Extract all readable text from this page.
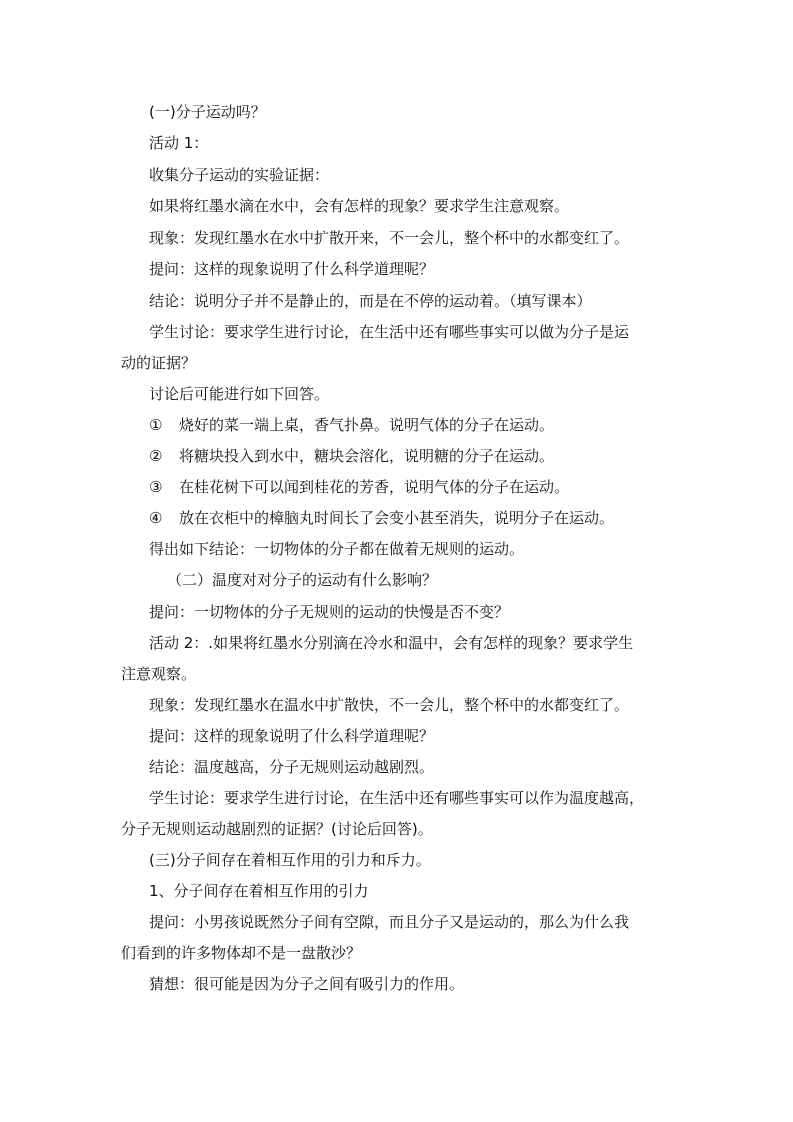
(一)分子运动吗？
活动 1：
收集分子运动的实验证据：
如果将红墨水滴在水中，会有怎样的现象？要求学生注意观察。
现象：发现红墨水在水中扩散开来，不一会儿，整个杯中的水都变红了。
提问：这样的现象说明了什么科学道理呢？
结论：说明分子并不是静止的，而是在不停的运动着。（填写课本）
学生讨论：要求学生进行讨论，在生活中还有哪些事实可以做为分子是运
动的证据？
讨论后可能进行如下回答。
① 烧好的菜一端上桌，香气扑鼻。说明气体的分子在运动。
② 将糖块投入到水中，糖块会溶化，说明糖的分子在运动。
③ 在桂花树下可以闻到桂花的芳香，说明气体的分子在运动。
④ 放在衣柜中的樟脑丸时间长了会变小甚至消失，说明分子在运动。
得出如下结论：一切物体的分子都在做着无规则的运动。
（二）温度对对分子的运动有什么影响？
提问：一切物体的分子无规则的运动的快慢是否不变？
活动 2：.如果将红墨水分别滴在冷水和温中，会有怎样的现象？要求学生
注意观察。
现象：发现红墨水在温水中扩散快，不一会儿，整个杯中的水都变红了。
提问：这样的现象说明了什么科学道理呢？
结论：温度越高，分子无规则运动越剧烈。
学生讨论：要求学生进行讨论，在生活中还有哪些事实可以作为温度越高，
分子无规则运动越剧烈的证据？(讨论后回答)。
(三)分子间存在着相互作用的引力和斥力。
1、分子间存在着相互作用的引力
提问：小男孩说既然分子间有空隙，而且分子又是运动的，那么为什么我
们看到的许多物体却不是一盘散沙？
猜想：很可能是因为分子之间有吸引力的作用。
